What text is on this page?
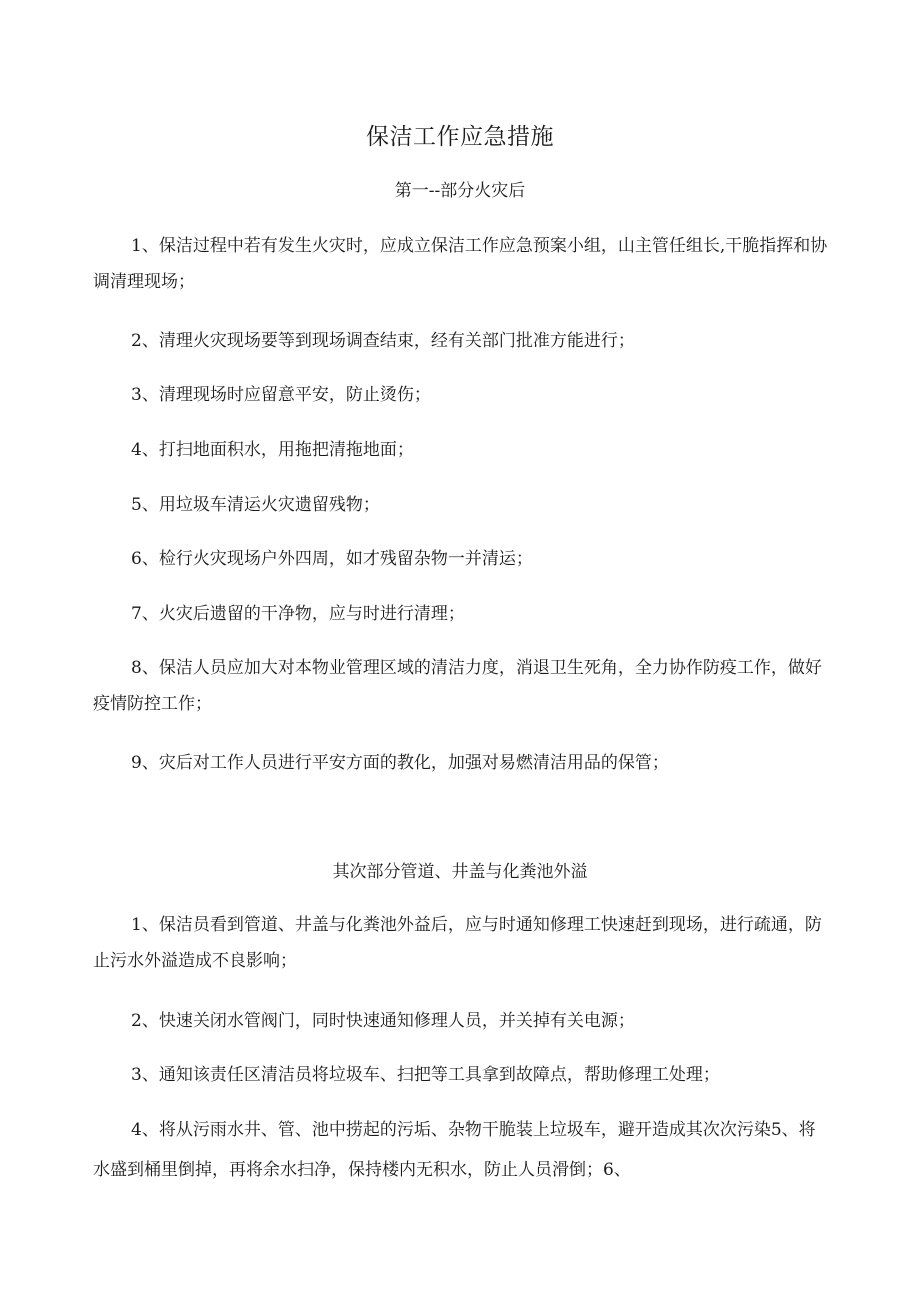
保洁工作应急措施
第一--部分火灾后

1、保洁过程中若有发生火灾时，应成立保洁工作应急预案小组，山主管任组长,干脆指挥和协调清理现场；

2、清理火灾现场要等到现场调查结束，经有关部门批准方能进行；

3、清理现场时应留意平安，防止烫伤；

4、打扫地面积水，用拖把清拖地面；

5、用垃圾车清运火灾遗留残物；

6、检行火灾现场户外四周，如才残留杂物一并清运；

7、火灾后遗留的干净物，应与时进行清理；

8、保洁人员应加大对本物业管理区域的清洁力度，消退卫生死角，全力协作防疫工作，做好疫情防控工作；

9、灾后对工作人员进行平安方面的教化，加强对易燃清洁用品的保管；

其次部分管道、井盖与化粪池外溢

1、保洁员看到管道、井盖与化粪池外益后，应与时通知修理工快速赶到现场，进行疏通，防止污水外溢造成不良影响；

2、快速关闭水管阀门，同时快速通知修理人员，并关掉有关电源；

3、通知该责任区清洁员将垃圾车、扫把等工具拿到故障点，帮助修理工处理；

4、将从污雨水井、管、池中捞起的污垢、杂物干脆装上垃圾车，避开造成其次次污染5、将水盛到桶里倒掉，再将余水扫净，保持楼内无积水，防止人员滑倒；6、
